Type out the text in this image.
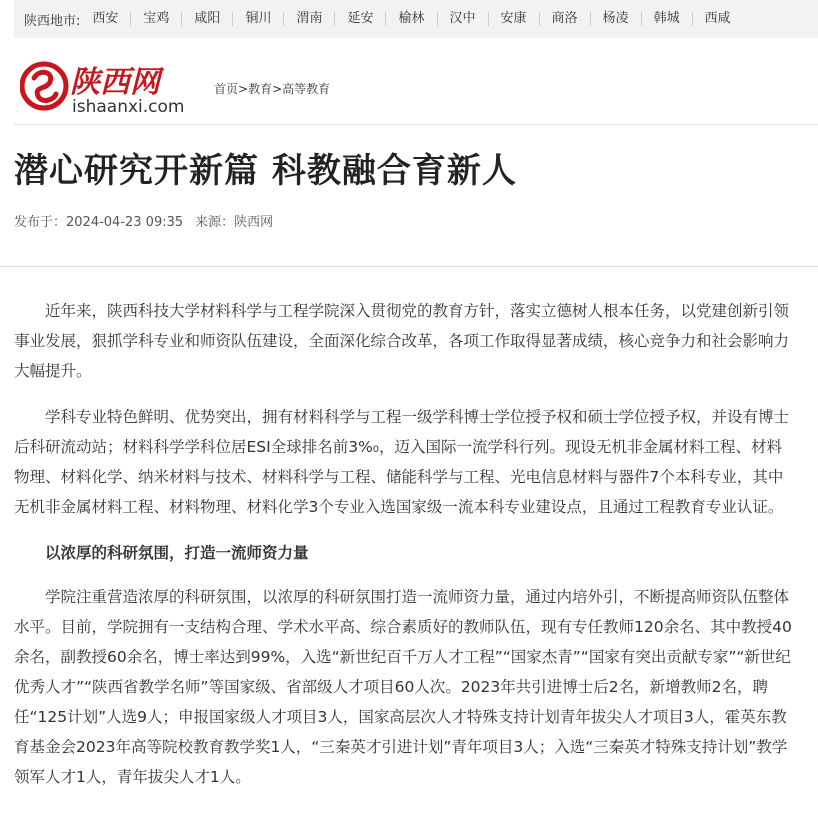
陕西地市: 西安	宝鸡	咸阳	铜川	渭南	延安	榆林	汉中	安康	商洛	杨凌	韩城	西咸
陕西网
ishaanxi.com
首页>教育>高等教育
潜心研究开新篇 科教融合育新人
发布于：2024-04-23 09:35 来源：陕西网

近年来，陕西科技大学材料科学与工程学院深入贯彻党的教育方针，落实立德树人根本任务，以党建创新引领事业发展，狠抓学科专业和师资队伍建设，全面深化综合改革，各项工作取得显著成绩，核心竞争力和社会影响力大幅提升。

学科专业特色鲜明、优势突出，拥有材料科学与工程一级学科博士学位授予权和硕士学位授予权，并设有博士后科研流动站；材料科学学科位居ESI全球排名前3%₀，迈入国际一流学科行列。现设无机非金属材料工程、材料物理、材料化学、纳米材料与技术、材料科学与工程、储能科学与工程、光电信息材料与器件7个本科专业，其中无机非金属材料工程、材料物理、材料化学3个专业入选国家级一流本科专业建设点，且通过工程教育专业认证。

以浓厚的科研氛围，打造一流师资力量

学院注重营造浓厚的科研氛围，以浓厚的科研氛围打造一流师资力量，通过内培外引，不断提高师资队伍整体水平。目前，学院拥有一支结构合理、学术水平高、综合素质好的教师队伍，现有专任教师120余名、其中教授40余名，副教授60余名，博士率达到99%，入选“新世纪百千万人才工程”“国家杰青”“国家有突出贡献专家”“新世纪优秀人才”“陕西省教学名师”等国家级、省部级人才项目60人次。2023年共引进博士后2名，新增教师2名，聘任“125计划”人选9人；申报国家级人才项目3人，国家高层次人才特殊支持计划青年拔尖人才项目3人，霍英东教育基金会2023年高等院校教育教学奖1人，“三秦英才引进计划”青年项目3人；入选“三秦英才特殊支持计划”教学领军人才1人，青年拔尖人才1人。
